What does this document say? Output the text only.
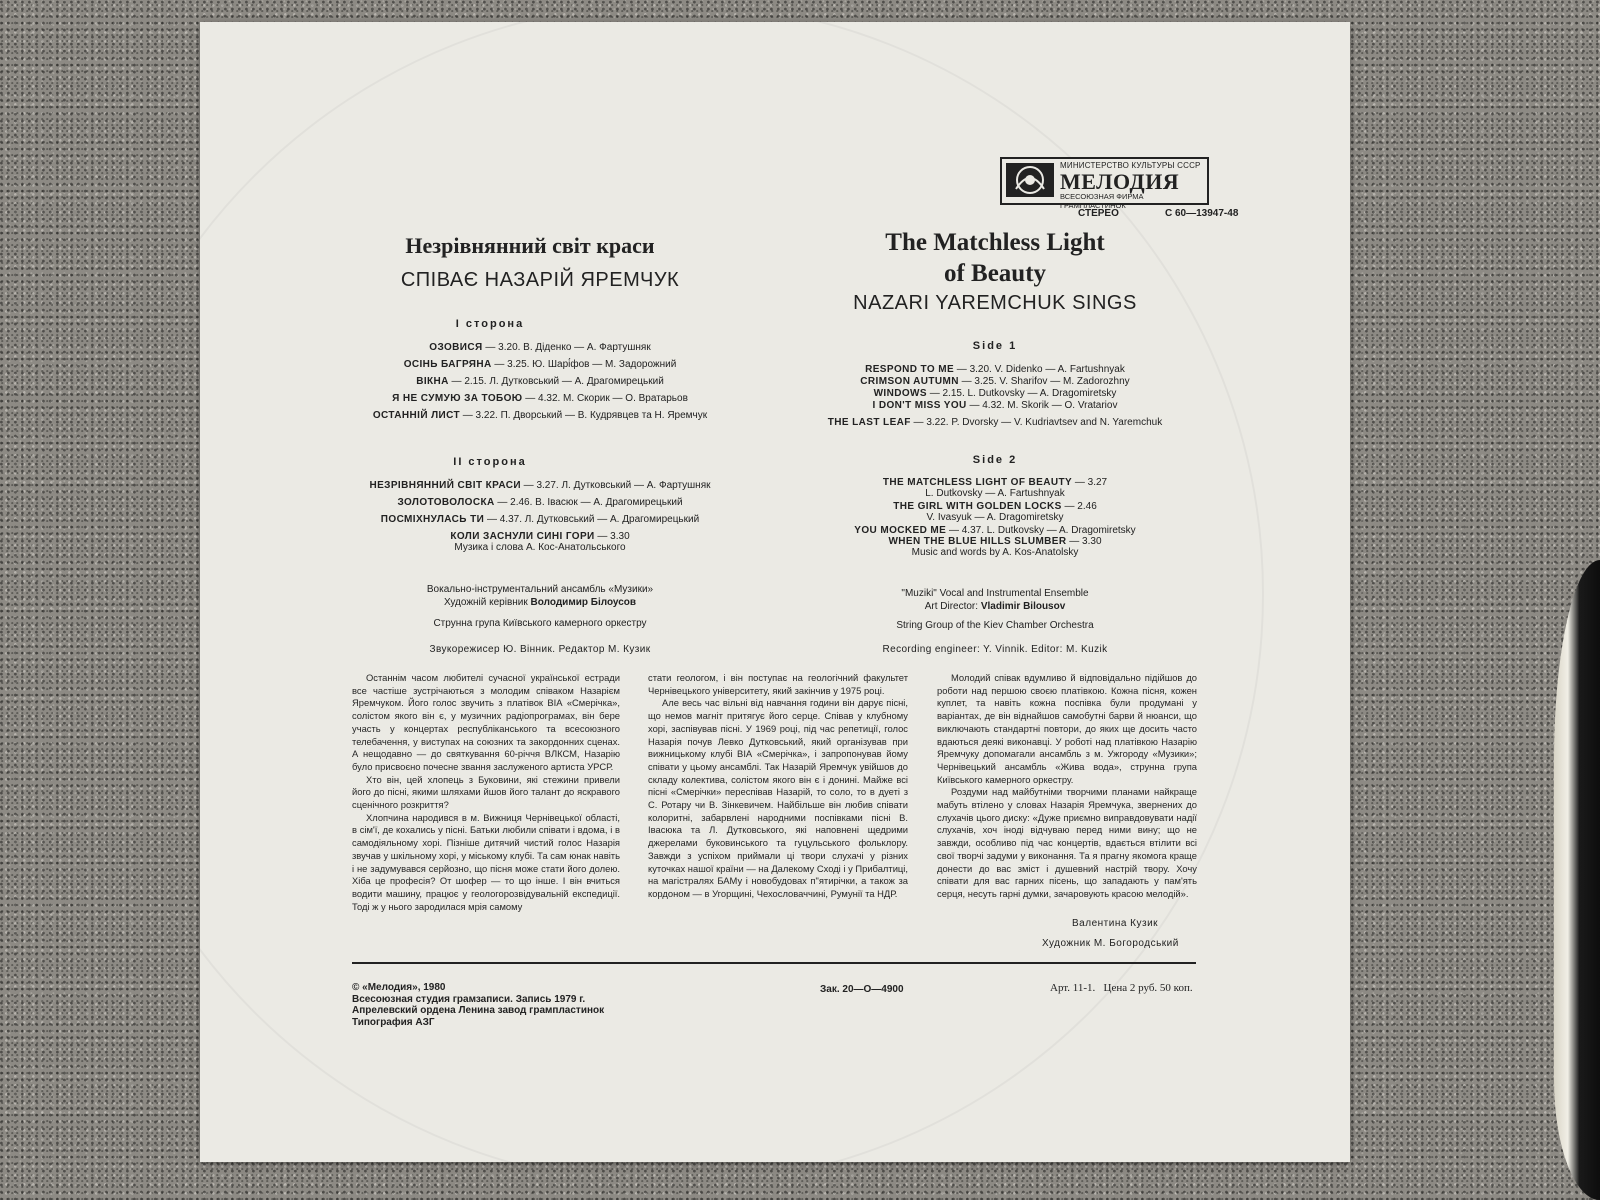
МИНИСТЕРСТВО КУЛЬТУРЫ СССР
МЕЛОДИЯ
ВСЕСОЮЗНАЯ ФИРМА ГРАМПЛАСТИНОК
СТЕРЕО	С 60—13947-48
Незрівнянний світ краси
СПІВАЄ НАЗАРІЙ ЯРЕМЧУК
The Matchless Light
of Beauty
NAZARI YAREMCHUK SINGS
І сторона
ОЗОВИСЯ — 3.20. В. Діденко — А. Фартушняк
ОСІНЬ БАГРЯНА — 3.25. Ю. Шарі́фов — М. Задорожний
ВІКНА — 2.15. Л. Дутковський — А. Драгомирецький
Я НЕ СУМУЮ ЗА ТОБОЮ — 4.32. М. Скорик — О. Вратарьов
ОСТАННІЙ ЛИСТ — 3.22. П. Дворський — В. Кудрявцев та Н. Яремчук
ІІ сторона
НЕЗРІВНЯННИЙ СВІТ КРАСИ — 3.27. Л. Дутковський — А. Фартушняк
ЗОЛОТОВОЛОСКА — 2.46. В. Івасюк — А. Драгомирецький
ПОСМІХНУЛАСЬ ТИ — 4.37. Л. Дутковський — А. Драгомирецький
КОЛИ ЗАСНУЛИ СИНІ ГОРИ — 3.30
Музика і слова А. Кос-Анатольського
Вокально-інструментальний ансамбль «Музики»
Художній керівник Володимир Білоусов
Струнна група Київського камерного оркестру
Звукорежисер Ю. Вінник. Редактор М. Кузик
Side 1
RESPOND TO ME — 3.20. V. Didenko — A. Fartushnyak
CRIMSON AUTUMN — 3.25. V. Sharifov — M. Zadorozhny
WINDOWS — 2.15. L. Dutkovsky — A. Dragomiretsky
I DON'T MISS YOU — 4.32. M. Skorik — O. Vratariov
THE LAST LEAF — 3.22. P. Dvorsky — V. Kudriavtsev and N. Yaremchuk
Side 2
THE MATCHLESS LIGHT OF BEAUTY — 3.27
L. Dutkovsky — A. Fartushnyak
THE GIRL WITH GOLDEN LOCKS — 2.46
V. Ivasyuk — A. Dragomiretsky
YOU MOCKED ME — 4.37. L. Dutkovsky — A. Dragomiretsky
WHEN THE BLUE HILLS SLUMBER — 3.30
Music and words by A. Kos-Anatolsky
"Muziki" Vocal and Instrumental Ensemble
Art Director: Vladimir Bilousov
String Group of the Kiev Chamber Orchestra
Recording engineer: Y. Vinnik. Editor: M. Kuzik

Останнім часом любителі сучасної української естради все частіше зустрічаються з молодим співаком Назарієм Яремчуком. Його голос звучить з платівок ВІА «Смерічка», солістом якого він є, у музичних радіопрограмах, він бере участь у концертах республіканського та всесоюзного телебачення, у виступах на союзних та закордонних сценах. А нещодавно — до святкування 60-річчя ВЛКСМ, Назарію було присвоєно почесне звання заслуженого артиста УРСР.

Хто він, цей хлопець з Буковини, які стежини привели його до пісні, якими шляхами йшов його талант до яскравого сценічного розкриття?

Хлопчина народився в м. Вижниця Чернівецької області, в сім'ї, де кохались у пісні. Батьки любили співати і вдома, і в самодіяльному хорі. Пізніше дитячий чистий голос Назарія звучав у шкільному хорі, у міському клубі. Та сам юнак навіть і не задумувався серйозно, що пісня може стати його долею. Хіба це професія? От шофер — то що інше. І він вчиться водити машину, працює у геологорозвідувальній експедиції. Тоді ж у нього зародилася мрія самому

стати геологом, і він поступає на геологічний факультет Чернівецького університету, який закінчив у 1975 році.

Але весь час вільні від навчання години він дарує пісні, що немов магніт притягує його серце. Співав у клубному хорі, заспівував пісні. У 1969 році, під час репетиції, голос Назарія почув Левко Дутковський, який організував при вижницькому клубі ВІА «Смерічка», і запропонував йому співати у цьому ансамблі. Так Назарій Яремчук увійшов до складу колектива, солістом якого він є і донині. Майже всі пісні «Смерічки» переспівав Назарій, то соло, то в дуеті з С. Ротару чи В. Зінкевичем. Найбільше він любив співати колоритні, забарвлені народними поспівками пісні В. Івасюка та Л. Дутковського, які наповнені щедрими джерелами буковинського та гуцульського фольклору. Завжди з успіхом приймали ці твори слухачі у різних куточках нашої країни — на Далекому Сході і у Прибалтиці, на магістралях БАМу і новобудовах п"ятирічки, а також за кордоном — в Угорщині, Чехословаччині, Румунії та НДР.

Молодий співак вдумливо й відповідально підійшов до роботи над першою своєю платівкою. Кожна пісня, кожен куплет, та навіть кожна поспівка були продумані у варіантах, де він віднайшов самобутні барви й нюанси, що виключають стандартні повтори, до яких ще досить часто вдаються деякі виконавці. У роботі над платівкою Назарію Яремчуку допомагали ансамбль з м. Ужгороду «Музики»; Чернівецький ансамбль «Жива вода», струнна група Київського камерного оркестру.

Роздуми над майбутніми творчими планами найкраще мабуть втілено у словах Назарія Яремчука, звернених до слухачів цього диску: «Дуже приємно виправдовувати надії слухачів, хоч іноді відчуваю перед ними вину; що не завжди, особливо під час концертів, вдається втілити всі свої творчі задуми у виконання. Та я прагну якомога краще донести до вас зміст і душевний настрій твору. Хочу співати для вас гарних пісень, що западають у пам'ять серця, несуть гарні думки, зачаровують красою мелодій».

Валентина Кузик
Художник М. Богородський
© «Мелодия», 1980
Всесоюзная студия грамзаписи. Запись 1979 г.
Апрелевский ордена Ленина завод грампластинок
Типография АЗГ
Зак. 20—О—4900	Арт. 11-1.   Цена 2 руб. 50 коп.
